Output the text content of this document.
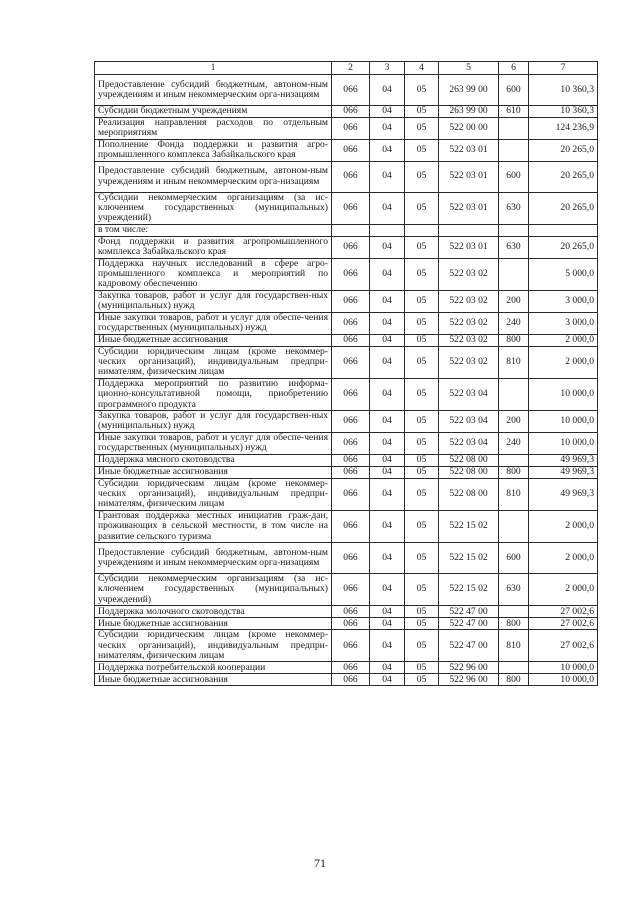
1	2	3	4	5	6	7
Предоставление субсидий бюджетным, автоном-ным учреждениям и иным некоммерческим орга-низациям	066	04	05	263 99 00	600	10 360,3
Субсидии бюджетным учреждениям	066	04	05	263 99 00	610	10 360,3
Реализация направления расходов по отдельным мероприятиям	066	04	05	522 00 00		124 236,9
Пополнение Фонда поддержки и развития агро-промышленного комплекса Забайкальского края	066	04	05	522 03 01		20 265,0
Предоставление субсидий бюджетным, автоном-ным учреждениям и иным некоммерческим орга-низациям	066	04	05	522 03 01	600	20 265,0
Субсидии некоммерческим организациям (за ис-ключением государственных (муниципальных) учреждений)	066	04	05	522 03 01	630	20 265,0
в том числе:						
Фонд поддержки и развития агропромышленного комплекса Забайкальского края	066	04	05	522 03 01	630	20 265,0
Поддержка научных исследований в сфере агро-промышленного комплекса и мероприятий по кадровому обеспечению	066	04	05	522 03 02		5 000,0
Закупка товаров, работ и услуг для государствен-ных (муниципальных) нужд	066	04	05	522 03 02	200	3 000,0
Иные закупки товаров, работ и услуг для обеспе-чения государственных (муниципальных) нужд	066	04	05	522 03 02	240	3 000,0
Иные бюджетные ассигнования	066	04	05	522 03 02	800	2 000,0
Субсидии юридическим лицам (кроме некоммер-ческих организаций), индивидуальным предпри-нимателям, физическим лицам	066	04	05	522 03 02	810	2 000,0
Поддержка мероприятий по развитию информа-ционно-консультативной помощи, приобретению программного продукта	066	04	05	522 03 04		10 000,0
Закупка товаров, работ и услуг для государствен-ных (муниципальных) нужд	066	04	05	522 03 04	200	10 000,0
Иные закупки товаров, работ и услуг для обеспе-чения государственных (муниципальных) нужд	066	04	05	522 03 04	240	10 000,0
Поддержка мясного скотоводства	066	04	05	522 08 00		49 969,3
Иные бюджетные ассигнования	066	04	05	522 08 00	800	49 969,3
Субсидии юридическим лицам (кроме некоммер-ческих организаций), индивидуальным предпри-нимателям, физическим лицам	066	04	05	522 08 00	810	49 969,3
Грантовая поддержка местных инициатив граж-дан, проживающих в сельской местности, в том числе на развитие сельского туризма	066	04	05	522 15 02		2 000,0
Предоставление субсидий бюджетным, автоном-ным учреждениям и иным некоммерческим орга-низациям	066	04	05	522 15 02	600	2 000,0
Субсидии некоммерческим организациям (за ис-ключением государственных (муниципальных) учреждений)	066	04	05	522 15 02	630	2 000,0
Поддержка молочного скотоводства	066	04	05	522 47 00		27 002,6
Иные бюджетные ассигнования	066	04	05	522 47 00	800	27 002,6
Субсидии юридическим лицам (кроме некоммер-ческих организаций), индивидуальным предпри-нимателям, физическим лицам	066	04	05	522 47 00	810	27 002,6
Поддержка потребительской кооперации	066	04	05	522 96 00		10 000,0
Иные бюджетные ассигнования	066	04	05	522 96 00	800	10 000,0
71
